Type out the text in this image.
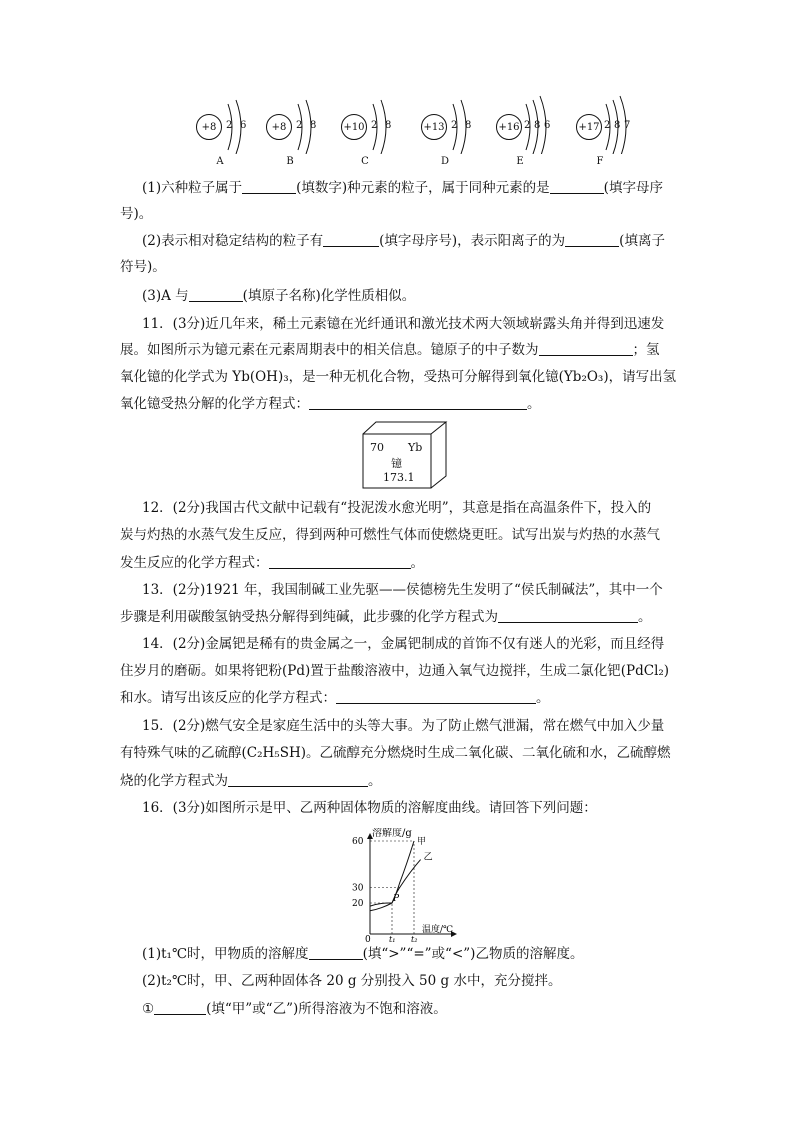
+8 2 6
A
+8 2 8
B
+10 2 8
C
+13 2 8
D
+16 2 8 6
E
+17 2 8 7
F
(1)六种粒子属于	(填数字)种元素的粒子，属于同种元素的是	(填字母序
号)。
(2)表示相对稳定结构的粒子有	(填字母序号)，表示阳离子的为	(填离子
符号)。
(3)A 与	(填原子名称)化学性质相似。
11．(3分)近几年来，稀土元素镱在光纤通讯和激光技术两大领域崭露头角并得到迅速发
展。如图所示为镱元素在元素周期表中的相关信息。镱原子的中子数为	；氢
氧化镱的化学式为 Yb(OH)₃，是一种无机化合物，受热可分解得到氧化镱(Yb₂O₃)，请写出氢
氧化镱受热分解的化学方程式：	。
70 Yb
镱
173.1
12．(2分)我国古代文献中记载有“投泥泼水愈光明”，其意是指在高温条件下，投入的
炭与灼热的水蒸气发生反应，得到两种可燃性气体而使燃烧更旺。试写出炭与灼热的水蒸气
发生反应的化学方程式：	。
13．(2分)1921 年，我国制碱工业先驱——侯德榜先生发明了“侯氏制碱法”，其中一个
步骤是利用碳酸氢钠受热分解得到纯碱，此步骤的化学方程式为	。
14．(2分)金属钯是稀有的贵金属之一，金属钯制成的首饰不仅有迷人的光彩，而且经得
住岁月的磨砺。如果将钯粉(Pd)置于盐酸溶液中，边通入氧气边搅拌，生成二氯化钯(PdCl₂)
和水。请写出该反应的化学方程式：	。
15．(2分)燃气安全是家庭生活中的头等大事。为了防止燃气泄漏，常在燃气中加入少量
有特殊气味的乙硫醇(C₂H₅SH)。乙硫醇充分燃烧时生成二氧化碳、二氧化硫和水，乙硫醇燃
烧的化学方程式为	。
16．(3分)如图所示是甲、乙两种固体物质的溶解度曲线。请回答下列问题：
溶解度/g
温度/℃
0
20
30
60
t₁ t₂
甲
乙
P
(1)t₁℃时，甲物质的溶解度	(填“>”“=”或“<”)乙物质的溶解度。
(2)t₂℃时，甲、乙两种固体各 20 g 分别投入 50 g 水中，充分搅拌。
①	(填“甲”或“乙”)所得溶液为不饱和溶液。
